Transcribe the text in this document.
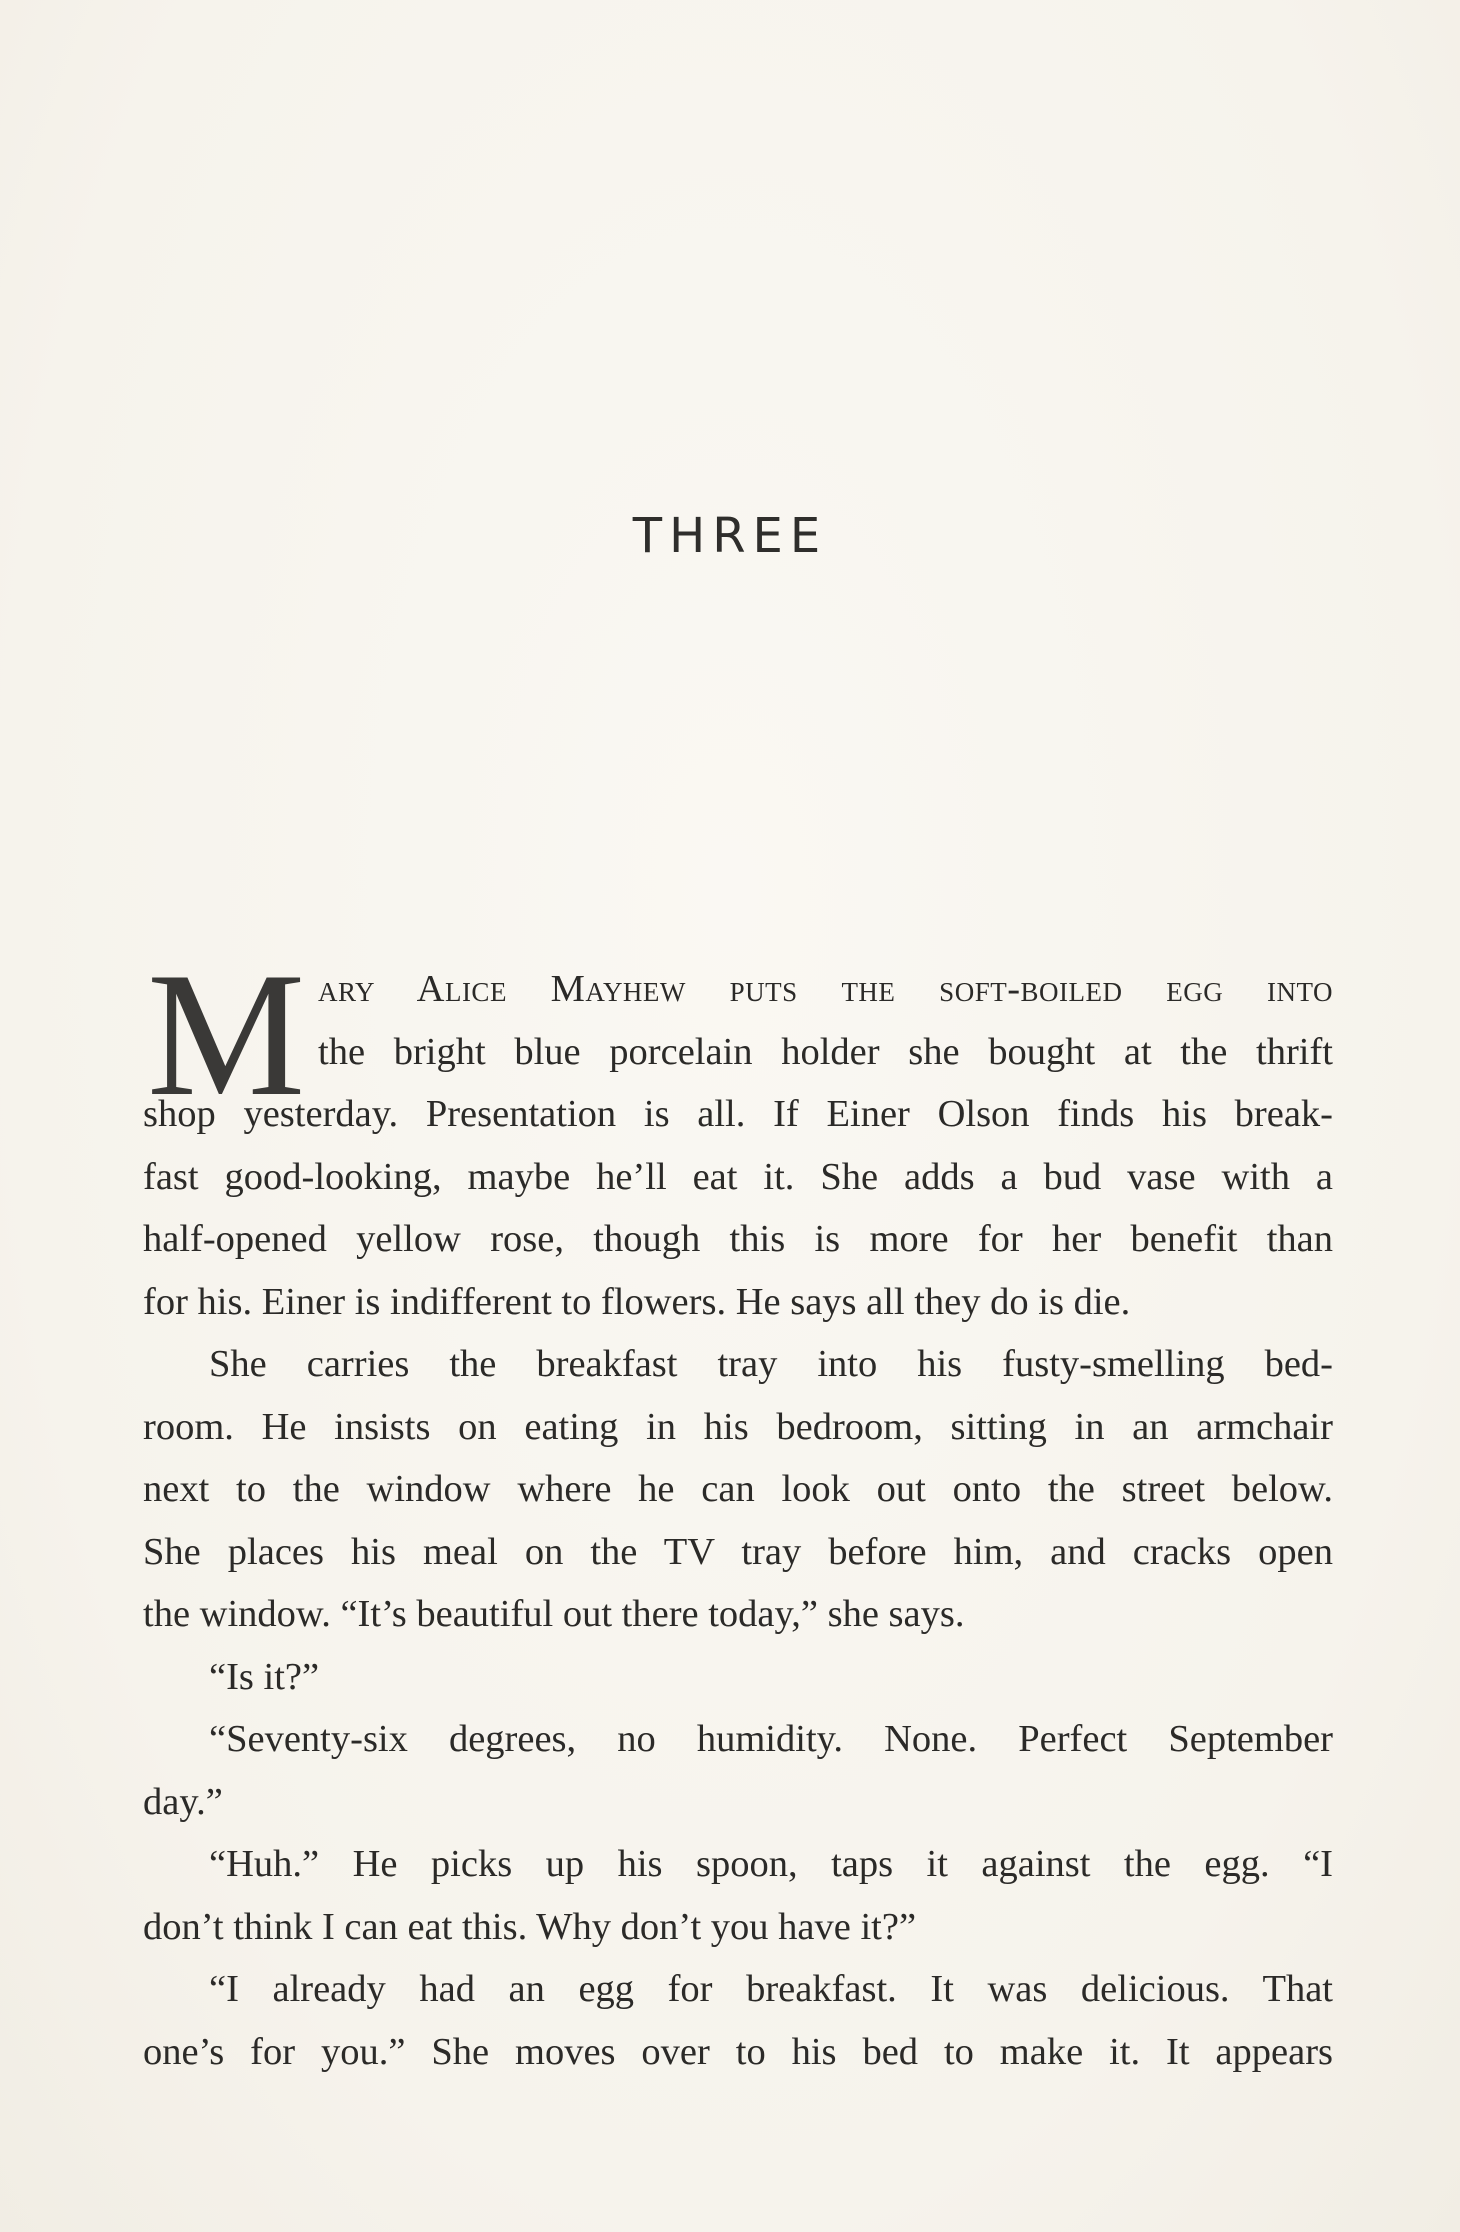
THREE
M ary Alice Mayhew puts the soft-boiled egg into
the bright blue porcelain holder she bought at the thrift
shop yesterday. Presentation is all. If Einer Olson finds his break-
fast good-looking, maybe he’ll eat it. She adds a bud vase with a
half-opened yellow rose, though this is more for her benefit than
for his. Einer is indifferent to flowers. He says all they do is die.
She carries the breakfast tray into his fusty-smelling bed-
room. He insists on eating in his bedroom, sitting in an armchair
next to the window where he can look out onto the street below.
She places his meal on the TV tray before him, and cracks open
the window. “It’s beautiful out there today,” she says.
“Is it?”
“Seventy-six degrees, no humidity. None. Perfect September
day.”
“Huh.” He picks up his spoon, taps it against the egg. “I
don’t think I can eat this. Why don’t you have it?”
“I already had an egg for breakfast. It was delicious. That
one’s for you.” She moves over to his bed to make it. It appears
